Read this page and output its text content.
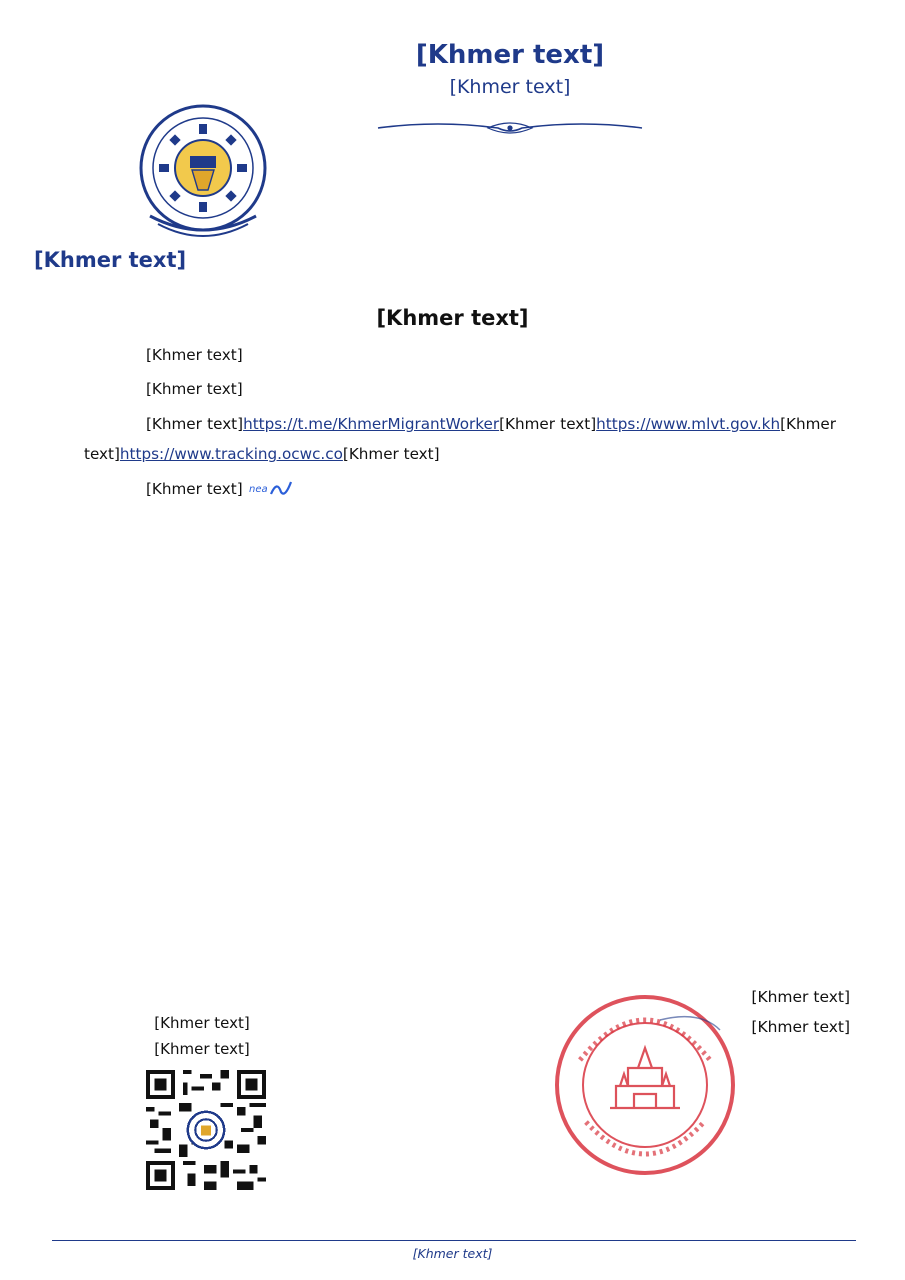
[Khmer text]
[Khmer text]
[Khmer text]
[Khmer text]

[Khmer text]

[Khmer text]

[Khmer text]https://t.me/KhmerMigrantWorker[Khmer text]https://www.mlvt.gov.kh[Khmer text]https://www.tracking.ocwc.co[Khmer text]

[Khmer text] nea

[Khmer text]
[Khmer text]
[Khmer text]
[Khmer text]
[Khmer text]
